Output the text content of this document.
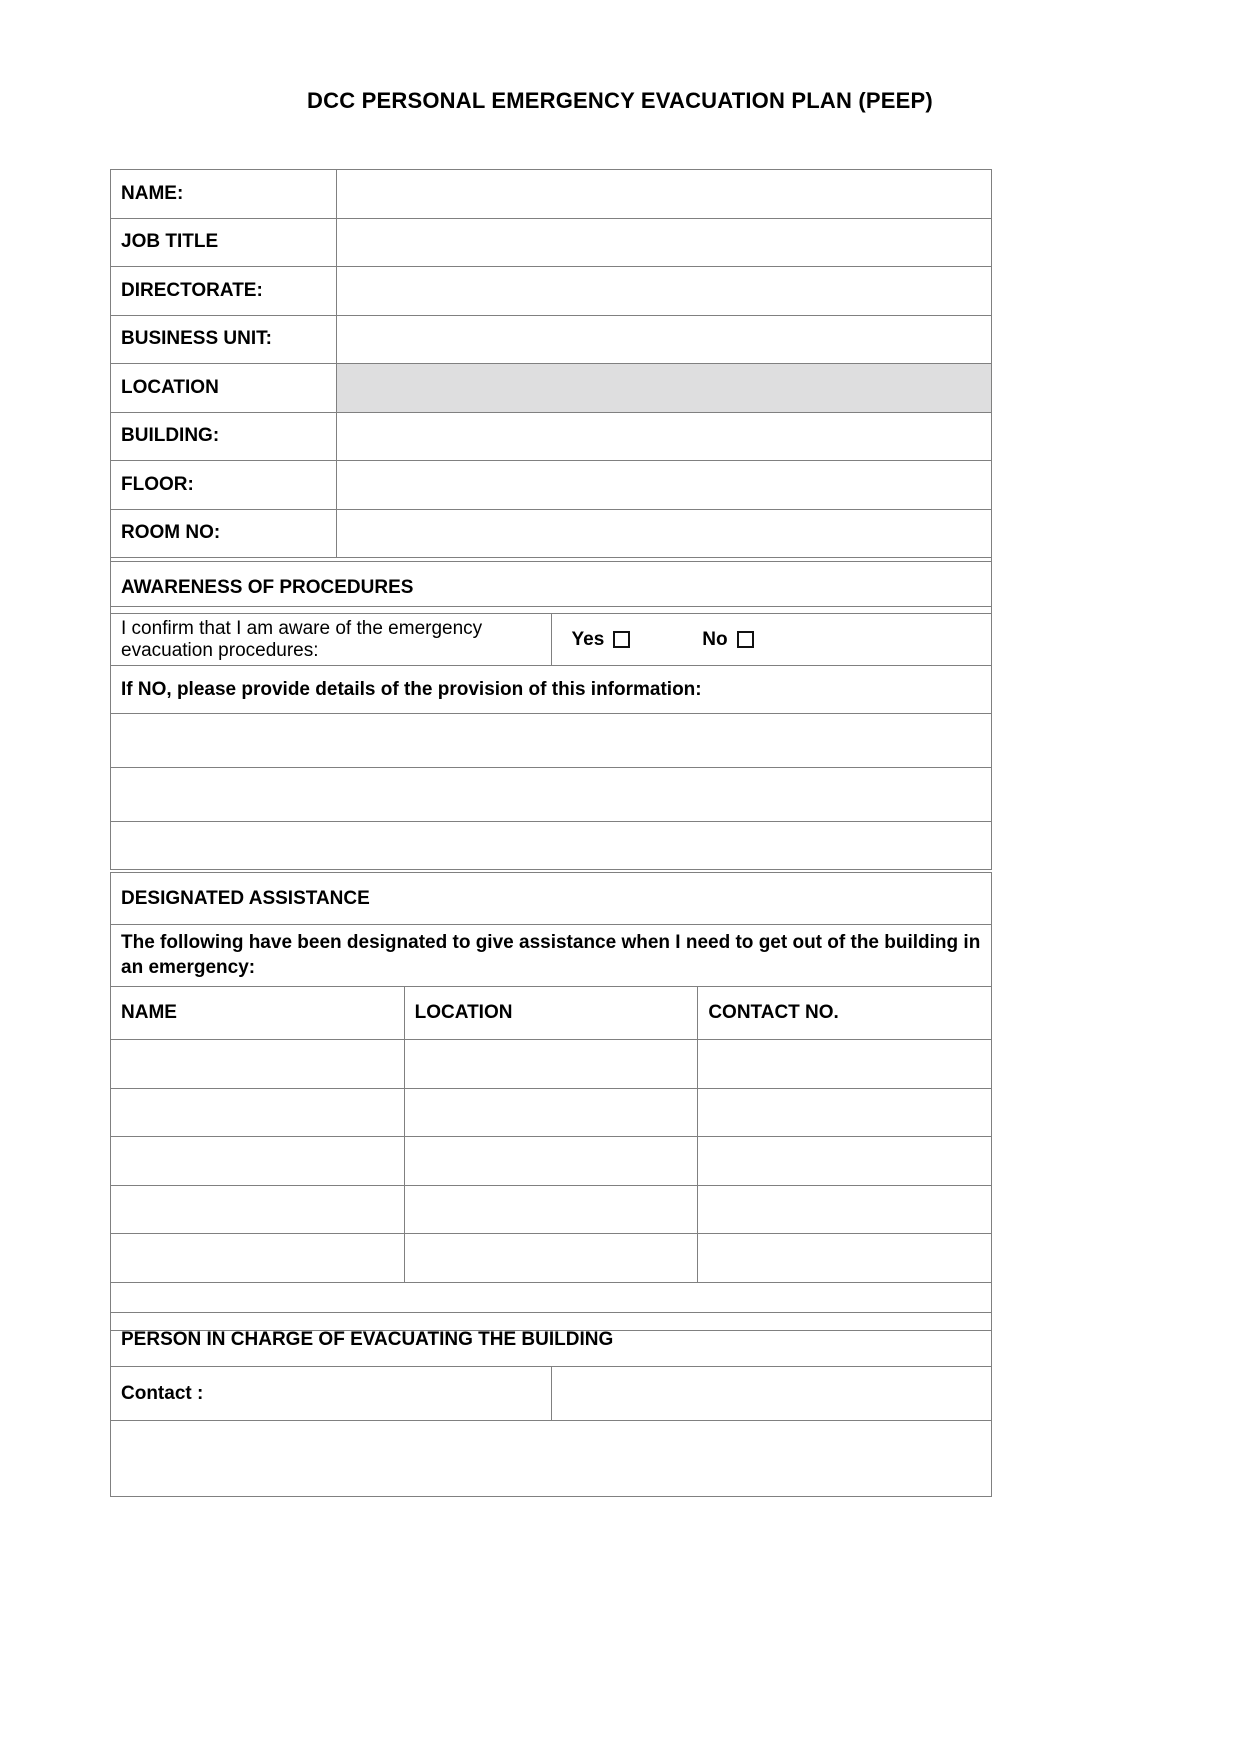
DCC PERSONAL EMERGENCY EVACUATION PLAN (PEEP)
NAME:	
JOB TITLE	
DIRECTORATE:	
BUSINESS UNIT:	
LOCATION	
BUILDING:	
FLOOR:	
ROOM NO:	

AWARENESS OF PROCEDURES
I confirm that I am aware of the emergency evacuation procedures:	
Yes	No

If NO, please provide details of the provision of this information:

DESIGNATED ASSISTANCE		
The following have been designated to give assistance when I need to get out of the building in an emergency:		
NAME	LOCATION	CONTACT NO.

PERSON IN CHARGE OF EVACUATING THE BUILDING
Contact :	
